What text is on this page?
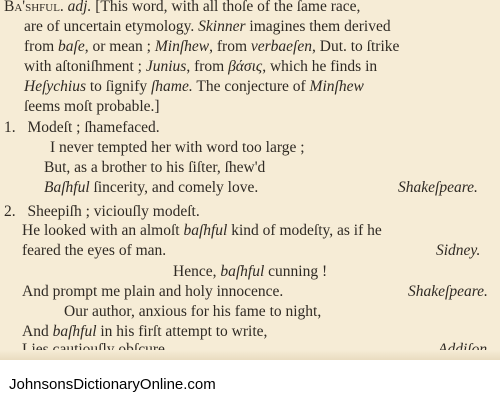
Ba'shful. adj. [This word, with all thoſe of the ſame race,
are of uncertain etymology. Skinner imagines them derived
from baſe, or mean ; Minſhew, from verbaeſen, Dut. to ſtrike
with aſtoniſhment ; Junius, from βάσις, which he finds in
Heſychius to ſignify ſhame. The conjecture of Minſhew
ſeems moſt probable.]
1. Modeſt ; ſhamefaced.
I never tempted her with word too large ;
But, as a brother to his ſiſter, ſhew'd
Baſhful ſincerity, and comely love.	Shakeſpeare.
2. Sheepiſh ; viciouſly modeſt.
He looked with an almoſt baſhful kind of modeſty, as if he
feared the eyes of man.	Sidney.
Hence, baſhful cunning !
And prompt me plain and holy innocence.	Shakeſpeare.
Our author, anxious for his fame to night,
And baſhful in his firſt attempt to write,
JohnsonsDictionaryOnline.com
